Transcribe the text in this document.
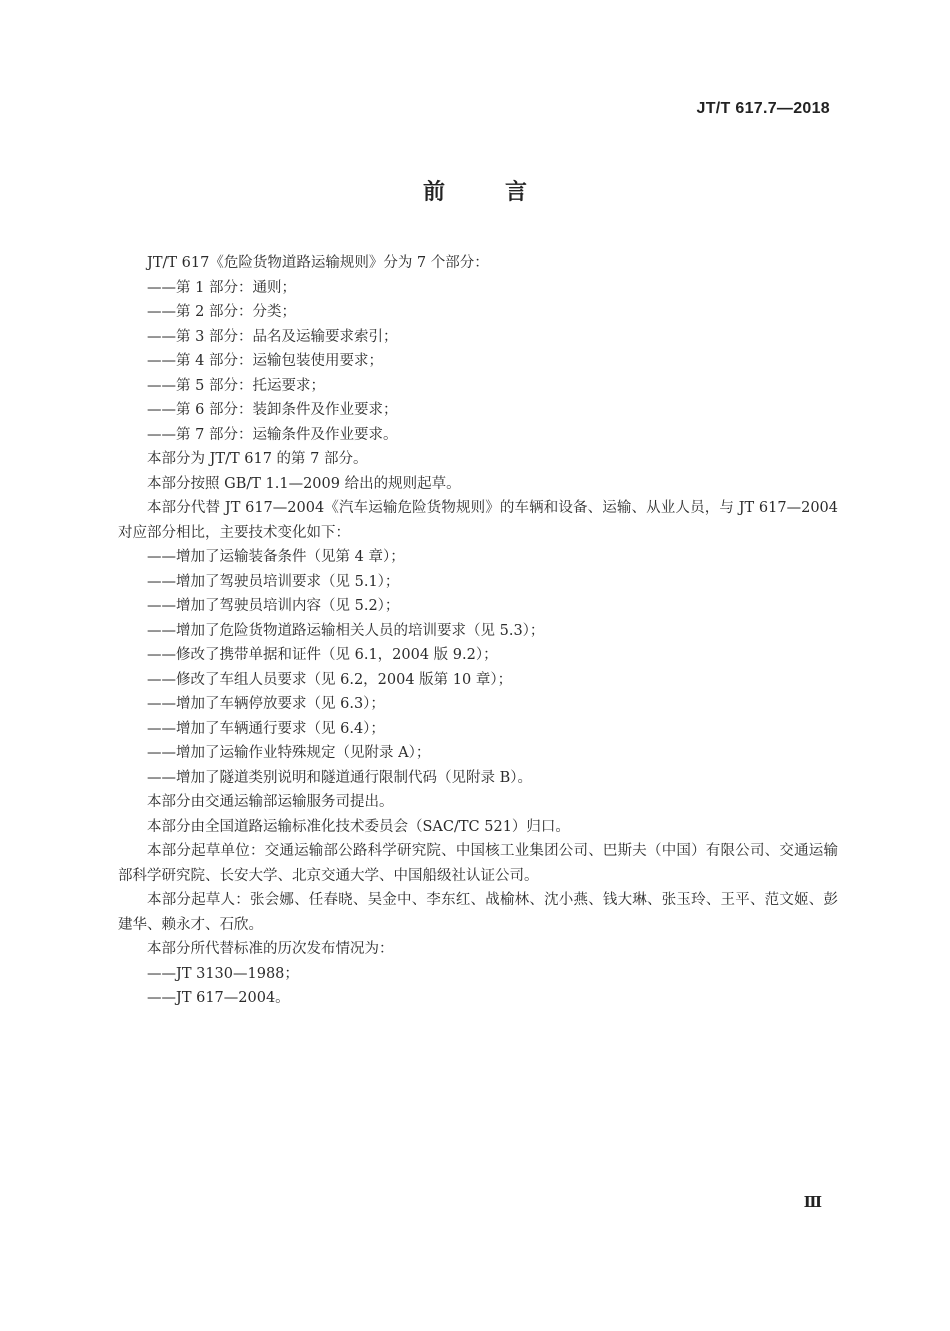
JT/T 617.7—2018
前言

JT/T 617《危险货物道路运输规则》分为 7 个部分：

——第 1 部分：通则；

——第 2 部分：分类；

——第 3 部分：品名及运输要求索引；

——第 4 部分：运输包装使用要求；

——第 5 部分：托运要求；

——第 6 部分：装卸条件及作业要求；

——第 7 部分：运输条件及作业要求。

本部分为 JT/T 617 的第 7 部分。

本部分按照 GB/T 1.1—2009 给出的规则起草。

本部分代替 JT 617—2004《汽车运输危险货物规则》的车辆和设备、运输、从业人员，与 JT 617—2004 对应部分相比，主要技术变化如下：

——增加了运输装备条件（见第 4 章）；

——增加了驾驶员培训要求（见 5.1）；

——增加了驾驶员培训内容（见 5.2）；

——增加了危险货物道路运输相关人员的培训要求（见 5.3）；

——修改了携带单据和证件（见 6.1，2004 版 9.2）；

——修改了车组人员要求（见 6.2，2004 版第 10 章）；

——增加了车辆停放要求（见 6.3）；

——增加了车辆通行要求（见 6.4）；

——增加了运输作业特殊规定（见附录 A）；

——增加了隧道类别说明和隧道通行限制代码（见附录 B）。

本部分由交通运输部运输服务司提出。

本部分由全国道路运输标准化技术委员会（SAC/TC 521）归口。

本部分起草单位：交通运输部公路科学研究院、中国核工业集团公司、巴斯夫（中国）有限公司、交通运输部科学研究院、长安大学、北京交通大学、中国船级社认证公司。

本部分起草人：张会娜、任春晓、吴金中、李东红、战榆林、沈小燕、钱大琳、张玉玲、王平、范文姬、彭建华、赖永才、石欣。

本部分所代替标准的历次发布情况为：

——JT 3130—1988；

——JT 617—2004。

Ⅲ
